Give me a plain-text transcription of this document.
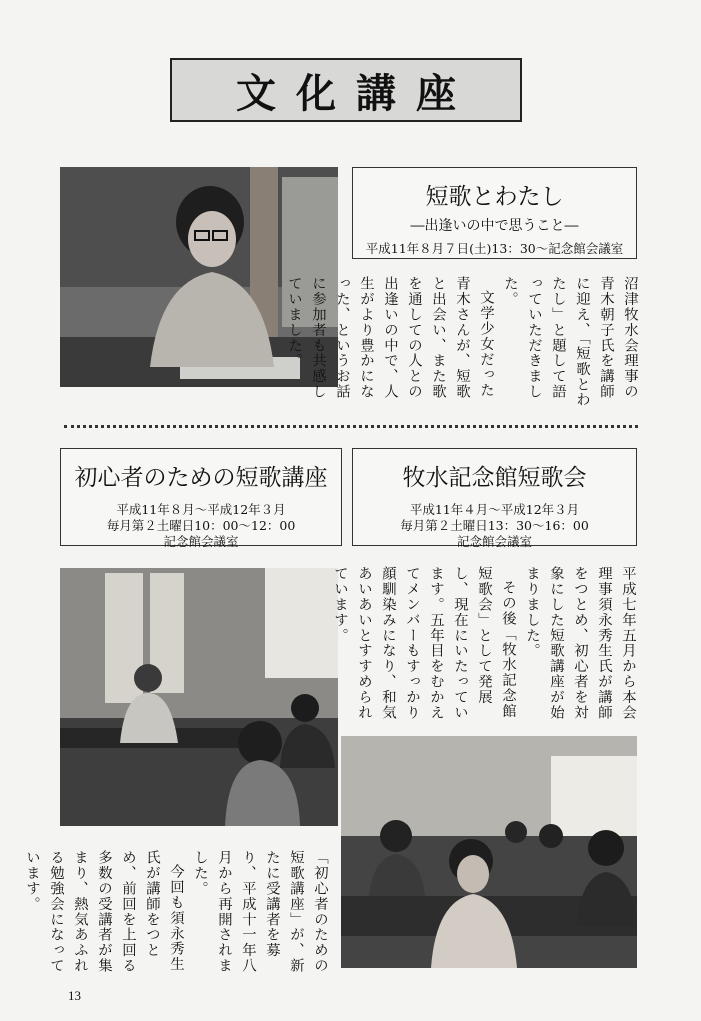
文化講座
短歌とわたし
―出逢いの中で思うこと―
平成11年８月７日(土)13：30～記念館会議室

沼津牧水会理事の青木朝子氏を講師に迎え、「短歌とわたし」と題して語っていただきました。

文学少女だった青木さんが、短歌と出会い、また歌を通しての人との出逢いの中で、人生がより豊かになった、というお話に参加者も共感していました。

初心者のための短歌講座
平成11年８月～平成12年３月
毎月第２土曜日10：00～12：00
記念館会議室
牧水記念館短歌会
平成11年４月～平成12年３月
毎月第２土曜日13：30～16：00
記念館会議室

平成七年五月から本会理事須永秀生氏が講師をつとめ、初心者を対象にした短歌講座が始まりました。

その後「牧水記念館短歌会」として発展し、現在にいたっています。五年目をむかえてメンバーもすっかり顔馴染みになり、和気あいあいとすすめられています。

「初心者のための短歌講座」が、新たに受講者を募り、平成十一年八月から再開されました。

今回も須永秀生氏が講師をつとめ、前回を上回る多数の受講者が集まり、熱気あふれる勉強会になっています。

13
